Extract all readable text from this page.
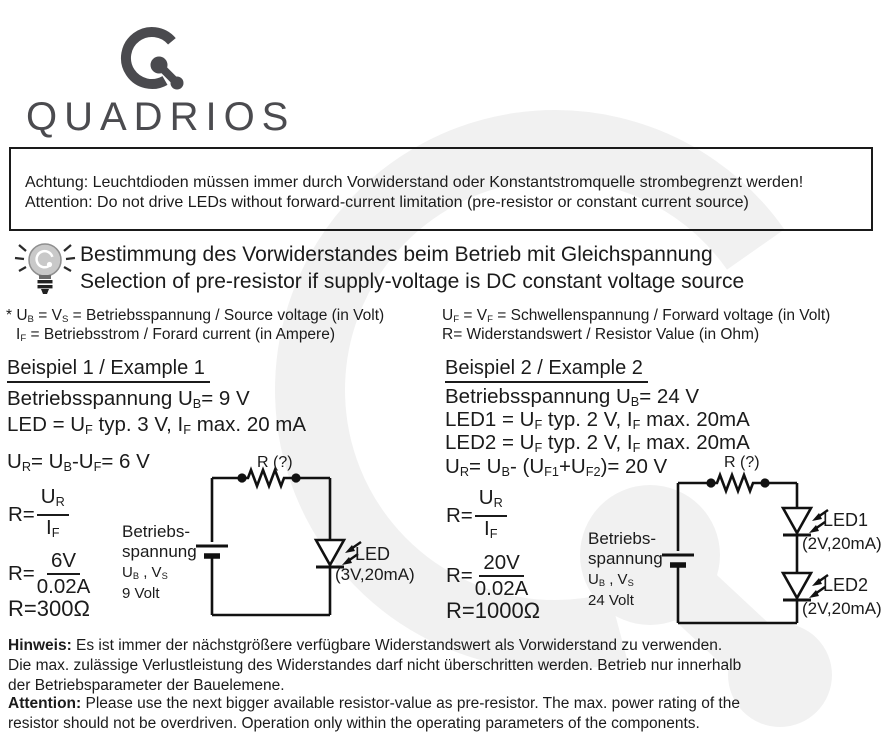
QUADRIOS
Achtung: Leuchtdioden müssen immer durch Vorwiderstand oder Konstantstromquelle strombegrenzt werden!
Attention: Do not drive LEDs without forward-current limitation (pre-resistor or constant current source)
Bestimmung des Vorwiderstandes beim Betrieb mit Gleichspannung
Selection of pre-resistor if supply-voltage is DC constant voltage source
* $U_B = V_S$ = Betriebsspannung / Source voltage (in Volt)
$I_F$ = Betriebsstrom / Forard current (in Ampere)
$U_F = V_F$ = Schwellenspannung / Forward voltage (in Volt)
R= Widerstandswert / Resistor Value (in Ohm)
Beispiel 1 / Example 1
Betriebsspannung $U_B= 9$ V
LED = $U_F$ typ. 3 V, $I_F$ max. 20 mA
$U_R= U_B-U_F= 6$ V
$R= \frac{U_R}{I_F}$
$R= \frac{6V}{0.02A}$
R=300Ω
Betriebs-
spannung
$U_B$ , $V_S$
9 Volt
R (?)
LED
(3V,20mA)
Beispiel 2 / Example 2
Betriebsspannung $U_B= 24$ V
$LED1 = U_F$ typ. 2 V, $I_F$ max. 20mA
$LED2 = U_F$ typ. 2 V, $I_F$ max. 20mA
$U_R= U_B-$ $(U_{F1}+U_{F2})= 20$ V
$R= \frac{U_R}{I_F}$
$R= \frac{20V}{0.02A}$
R=1000Ω
Betriebs-
spannung
$U_B$ , $V_S$
24 Volt
R (?)
LED1
(2V,20mA)
LED2
(2V,20mA)
Hinweis: Es ist immer der nächstgrößere verfügbare Widerstandswert als Vorwiderstand zu verwenden.
Die max. zulässige Verlustleistung des Widerstandes darf nicht überschritten werden. Betrieb nur innerhalb
der Betriebsparameter der Bauelemene.
Attention: Please use the next bigger available resistor-value as pre-resistor. The max. power rating of the
resistor should not be overdriven. Operation only within the operating parameters of the components.
